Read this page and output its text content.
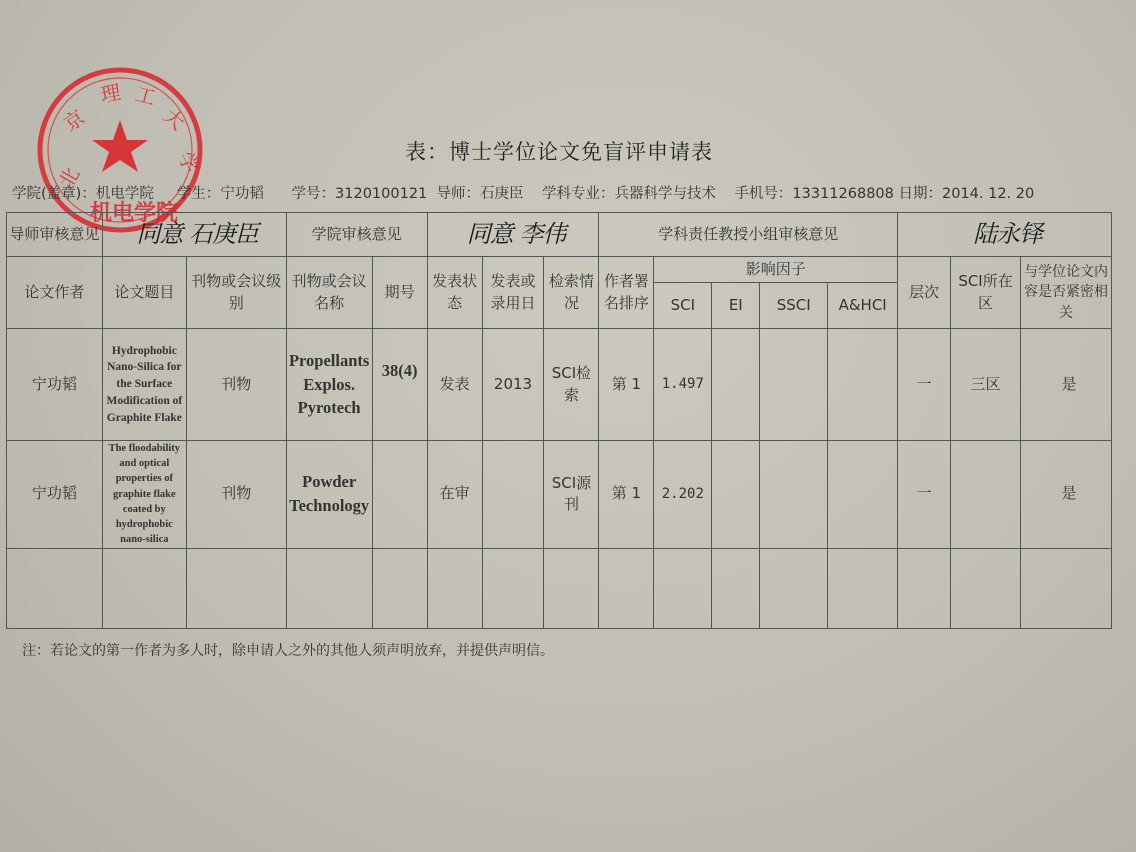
北
京
理 工
大
学
机电学院
表：博士学位论文免盲评申请表
学院(盖章)：机电学院 学生：宁功韬 学号：3120100121 导师：石庚臣 学科专业：兵器科学与技术 手机号：13311268808 日期：2014. 12. 20
导师审核意见	同意 石庚臣		学院审核意见		同意 李伟			学科责任教授小组审核意见					陆永铎		
论文作者	论文题目	刊物或会议级别	刊物或会议名称	期号	发表状态	发表或录用日	检索情况	作者署名排序	影响因子				层次	SCI所在区	与学位论文内容是否紧密相关
									SCI	EI	SSCI	A&HCI			
宁功韬	Hydrophobic Nano-Silica for the Surface Modification of Graphite Flake	刊物	Propellants Explos. Pyrotech	38(4)	发表	2013	SCI检索	第 1	1.497				一	三区	是
宁功韬	The floodability and optical properties of graphite flake coated by hydrophobic nano-silica	刊物	Powder Technology		在审		SCI源刊	第 1	2.202				一		是

注：若论文的第一作者为多人时，除申请人之外的其他人须声明放弃，并提供声明信。
